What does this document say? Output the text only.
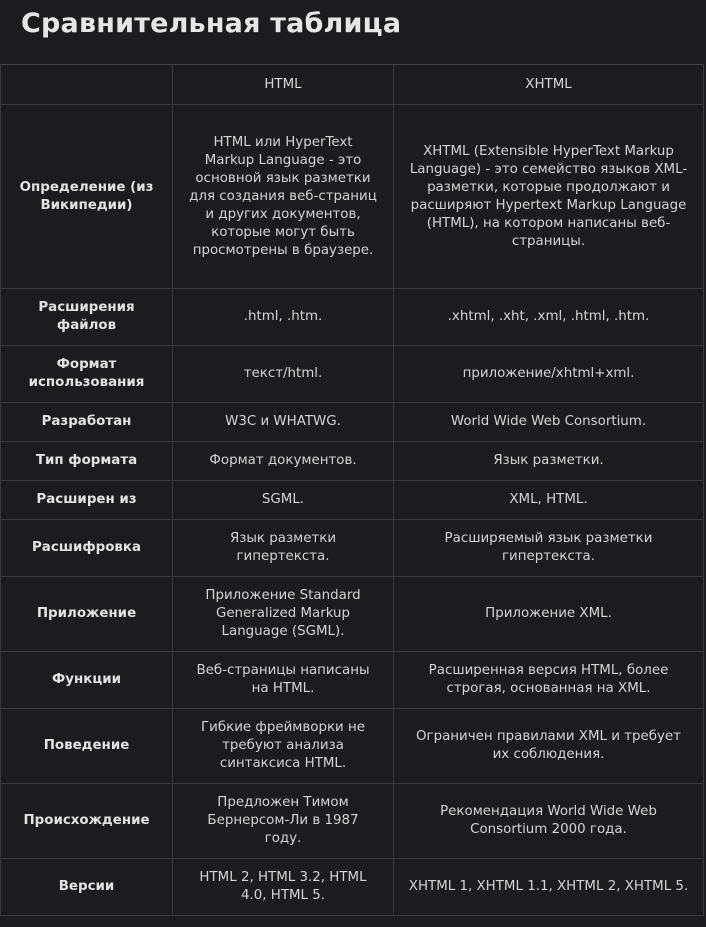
Сравнительная таблица
	HTML	XHTML
Определение (из Википедии)	HTML или HyperText Markup Language - это основной язык разметки для создания веб-страниц и других документов, которые могут быть просмотрены в браузере.	XHTML (Extensible HyperText Markup Language) - это семейство языков XML-разметки, которые продолжают и расширяют Hypertext Markup Language (HTML), на котором написаны веб-страницы.
Расширения файлов	.html, .htm.	.xhtml, .xht, .xml, .html, .htm.
Формат использования	текст/html.	приложение/xhtml+xml.
Разработан	W3C и WHATWG.	World Wide Web Consortium.
Тип формата	Формат документов.	Язык разметки.
Расширен из	SGML.	XML, HTML.
Расшифровка	Язык разметки гипертекста.	Расширяемый язык разметки гипертекста.
Приложение	Приложение Standard Generalized Markup Language (SGML).	Приложение XML.
Функции	Веб-страницы написаны на HTML.	Расширенная версия HTML, более строгая, основанная на XML.
Поведение	Гибкие фреймворки не требуют анализа синтаксиса HTML.	Ограничен правилами XML и требует их соблюдения.
Происхождение	Предложен Тимом Бернерсом-Ли в 1987 году.	Рекомендация World Wide Web Consortium 2000 года.
Версии	HTML 2, HTML 3.2, HTML 4.0, HTML 5.	XHTML 1, XHTML 1.1, XHTML 2, XHTML 5.
